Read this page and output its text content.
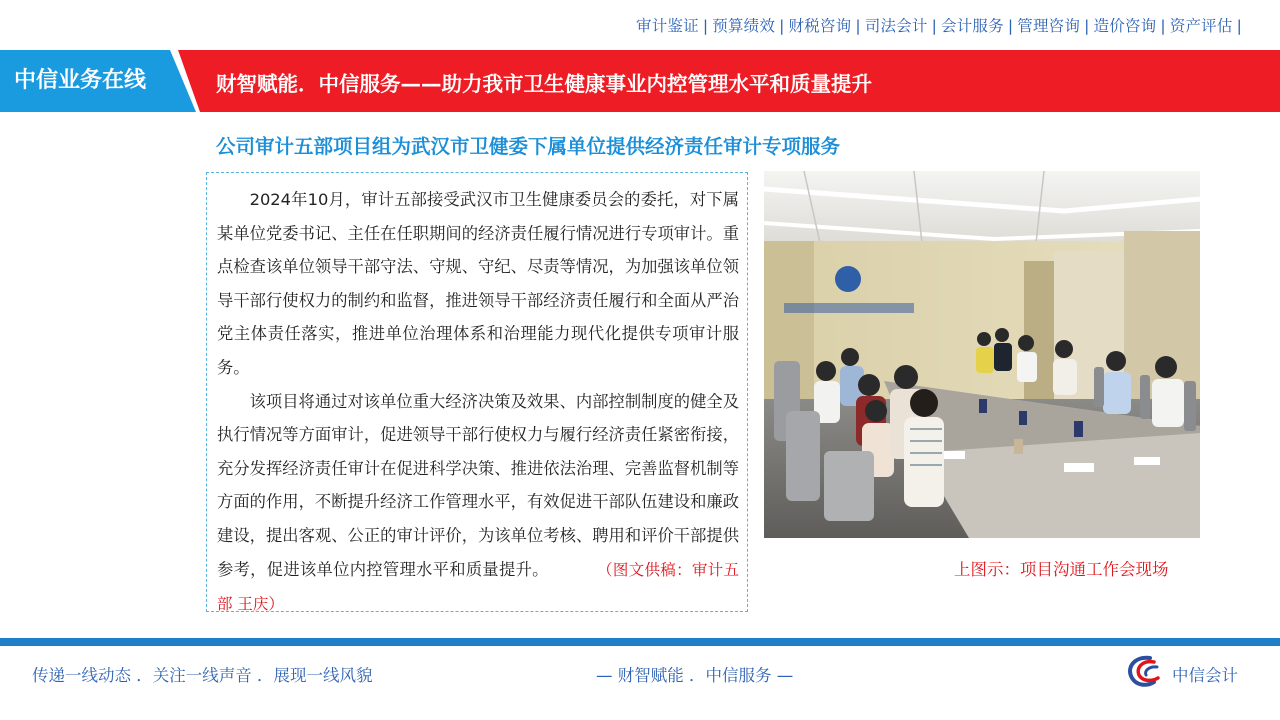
审计鉴证 | 预算绩效 | 财税咨询 | 司法会计 | 会计服务 | 管理咨询 | 造价咨询 | 资产评估 |
中信业务在线	财智赋能．中信服务——助力我市卫生健康事业内控管理水平和质量提升
公司审计五部项目组为武汉市卫健委下属单位提供经济责任审计专项服务

2024年10月，审计五部接受武汉市卫生健康委员会的委托，对下属某单位党委书记、主任在任职期间的经济责任履行情况进行专项审计。重点检查该单位领导干部守法、守规、守纪、尽责等情况，为加强该单位领导干部行使权力的制约和监督，推进领导干部经济责任履行和全面从严治党主体责任落实，推进单位治理体系和治理能力现代化提供专项审计服务。

该项目将通过对该单位重大经济决策及效果、内部控制制度的健全及执行情况等方面审计，促进领导干部行使权力与履行经济责任紧密衔接，充分发挥经济责任审计在促进科学决策、推进依法治理、完善监督机制等方面的作用，不断提升经济工作管理水平，有效促进干部队伍建设和廉政建设，提出客观、公正的审计评价，为该单位考核、聘用和评价干部提供参考，促进该单位内控管理水平和质量提升。	（图文供稿：审计五部 王庆）

上图示：项目沟通工作会现场
传递一线动态 ．关注一线声音 ．展现一线风貌	— 财智赋能 ．中信服务 —	中信会计
